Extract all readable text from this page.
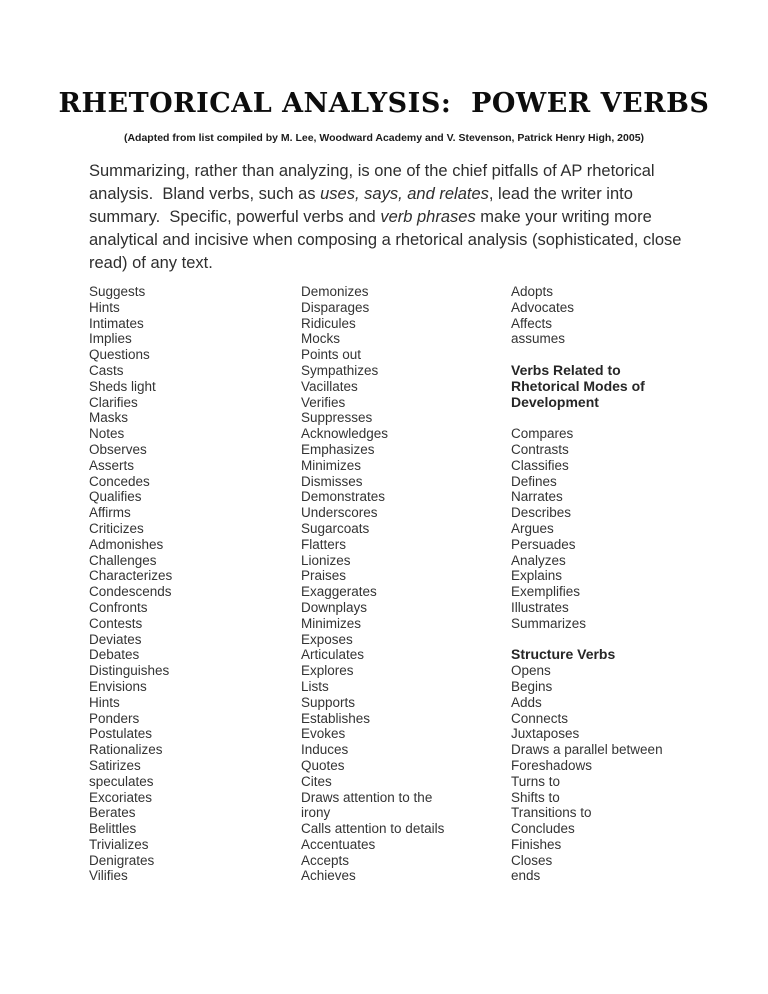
RHETORICAL ANALYSIS:  POWER VERBS
(Adapted from list compiled by M. Lee, Woodward Academy and V. Stevenson, Patrick Henry High, 2005)
Summarizing, rather than analyzing, is one of the chief pitfalls of AP rhetorical analysis.  Bland verbs, such as uses, says, and relates, lead the writer into summary.  Specific, powerful verbs and verb phrases make your writing more analytical and incisive when composing a rhetorical analysis (sophisticated, close read) of any text.
Suggests
Hints
Intimates
Implies
Questions
Casts
Sheds light
Clarifies
Masks
Notes
Observes
Asserts
Concedes
Qualifies
Affirms
Criticizes
Admonishes
Challenges
Characterizes
Condescends
Confronts
Contests
Deviates
Debates
Distinguishes
Envisions
Hints
Ponders
Postulates
Rationalizes
Satirizes
speculates
Excoriates
Berates
Belittles
Trivializes
Denigrates
Vilifies
Demonizes
Disparages
Ridicules
Mocks
Points out
Sympathizes
Vacillates
Verifies
Suppresses
Acknowledges
Emphasizes
Minimizes
Dismisses
Demonstrates
Underscores
Sugarcoats
Flatters
Lionizes
Praises
Exaggerates
Downplays
Minimizes
Exposes
Articulates
Explores
Lists
Supports
Establishes
Evokes
Induces
Quotes
Cites
Draws attention to the irony
Calls attention to details
Accentuates
Accepts
Achieves
Adopts
Advocates
Affects
assumes
Verbs Related to Rhetorical Modes of Development
Compares
Contrasts
Classifies
Defines
Narrates
Describes
Argues
Persuades
Analyzes
Explains
Exemplifies
Illustrates
Summarizes
Structure Verbs
Opens
Begins
Adds
Connects
Juxtaposes
Draws a parallel between
Foreshadows
Turns to
Shifts to
Transitions to
Concludes
Finishes
Closes
ends
